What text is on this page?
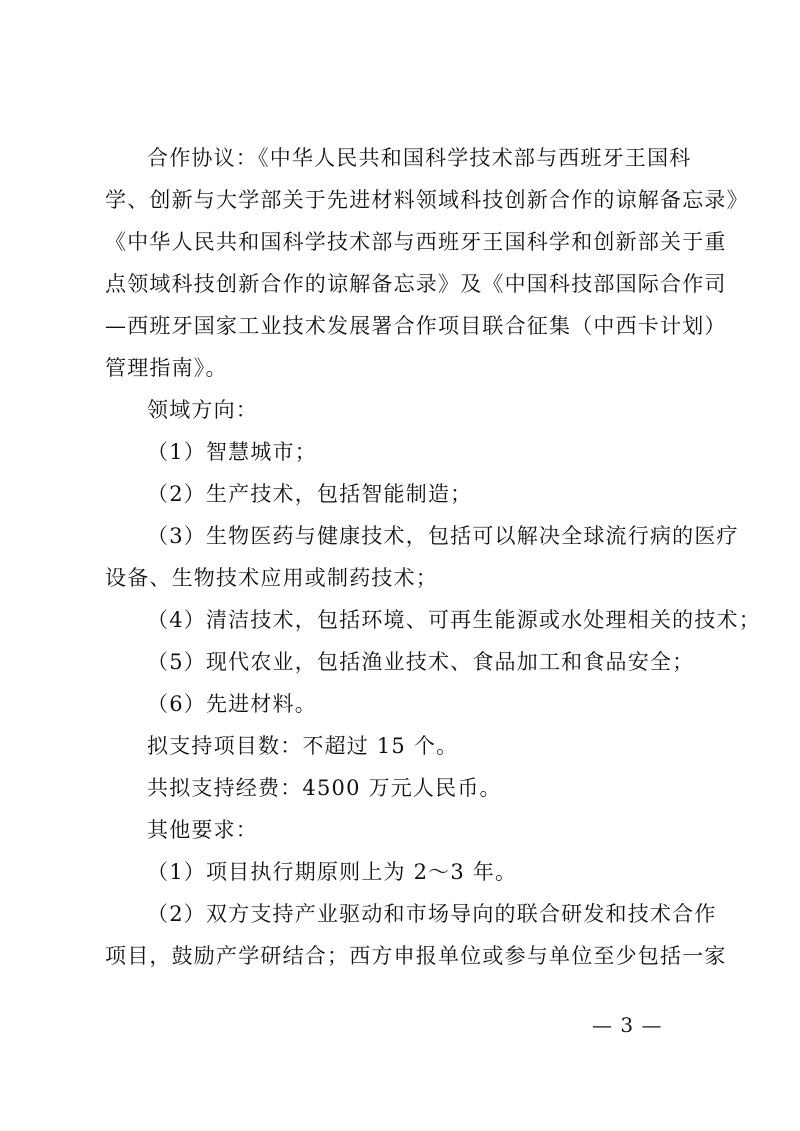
合作协议：《中华人民共和国科学技术部与西班牙王国科
学、创新与大学部关于先进材料领域科技创新合作的谅解备忘录》
《中华人民共和国科学技术部与西班牙王国科学和创新部关于重
点领域科技创新合作的谅解备忘录》及《中国科技部国际合作司
—西班牙国家工业技术发展署合作项目联合征集（中西卡计划）
管理指南》。
领域方向：
（1）智慧城市；
（2）生产技术，包括智能制造；
（3）生物医药与健康技术，包括可以解决全球流行病的医疗
设备、生物技术应用或制药技术；
（4）清洁技术，包括环境、可再生能源或水处理相关的技术；
（5）现代农业，包括渔业技术、食品加工和食品安全；
（6）先进材料。
拟支持项目数：不超过 15 个。
共拟支持经费：4500 万元人民币。
其他要求：
（1）项目执行期原则上为 2～3 年。
（2）双方支持产业驱动和市场导向的联合研发和技术合作
项目，鼓励产学研结合；西方申报单位或参与单位至少包括一家
— 3 —
